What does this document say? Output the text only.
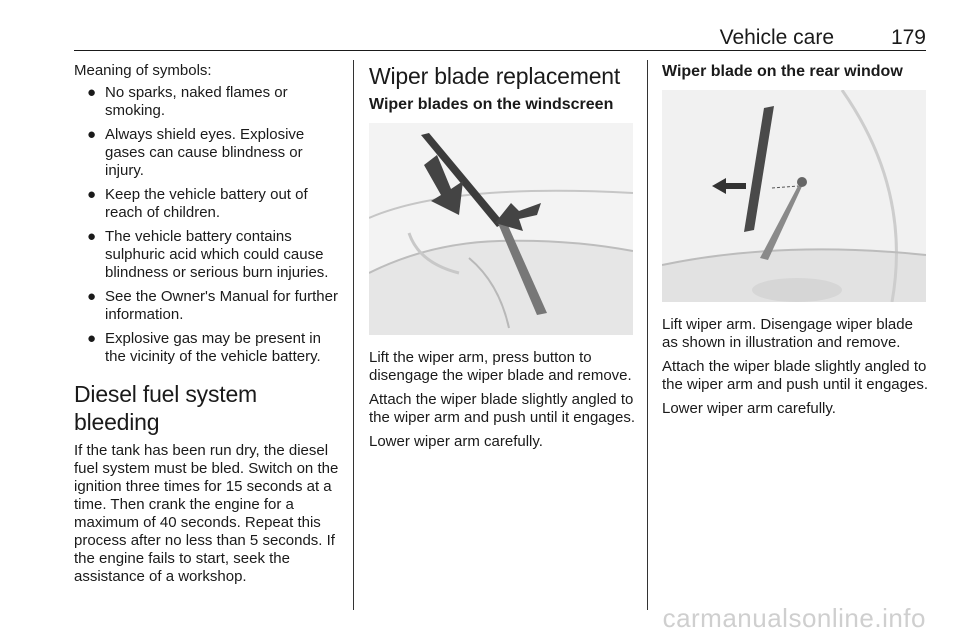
Vehicle care	179

Meaning of symbols:

● No sparks, naked flames or smoking.
● Always shield eyes. Explosive gases can cause blindness or injury.
● Keep the vehicle battery out of reach of children.
● The vehicle battery contains sulphuric acid which could cause blindness or serious burn injuries.
● See the Owner's Manual for further information.
● Explosive gas may be present in the vicinity of the vehicle battery.
Diesel fuel system bleeding

If the tank has been run dry, the diesel fuel system must be bled. Switch on the ignition three times for 15 seconds at a time. Then crank the engine for a maximum of 40 seconds. Repeat this process after no less than 5 seconds. If the engine fails to start, seek the assistance of a workshop.

Wiper blade replacement
Wiper blades on the windscreen

Lift the wiper arm, press button to disengage the wiper blade and remove.

Attach the wiper blade slightly angled to the wiper arm and push until it engages.

Lower wiper arm carefully.

Wiper blade on the rear window

Lift wiper arm. Disengage wiper blade as shown in illustration and remove.

Attach the wiper blade slightly angled to the wiper arm and push until it engages.

Lower wiper arm carefully.

carmanualsonline.info
